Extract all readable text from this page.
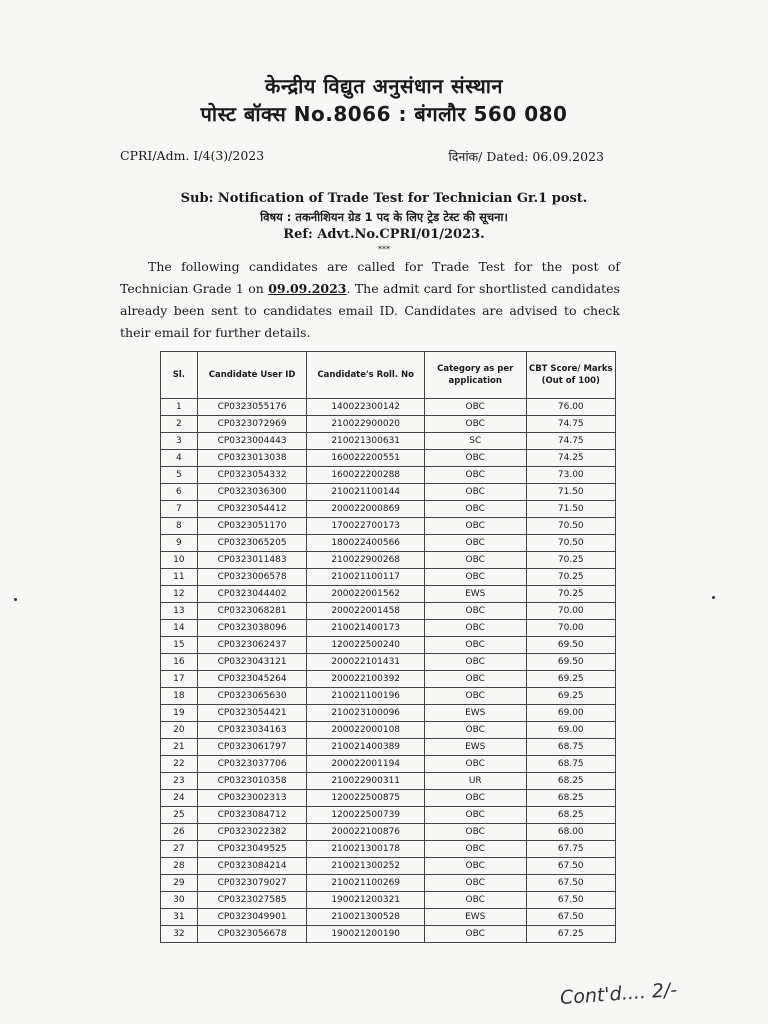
केन्द्रीय विद्युत अनुसंधान संस्थान
पोस्ट बॉक्स No.8066 : बंगलौर 560 080
CPRI/Adm. I/4(3)/2023	दिनांक/ Dated: 06.09.2023
Sub: Notification of Trade Test for Technician Gr.1 post.
विषय : तकनीशियन ग्रेड 1 पद के लिए ट्रेड टेस्ट की सूचना।
Ref: Advt.No.CPRI/01/2023.
***
The following candidates are called for Trade Test for the post of Technician Grade 1 on 09.09.2023. The admit card for shortlisted candidates already been sent to candidates email ID. Candidates are advised to check their email for further details.
Sl.	Candidate User ID	Candidate's Roll. No	Category as per application	CBT Score/ Marks (Out of 100)
1	CP0323055176	140022300142	OBC	76.00
2	CP0323072969	210022900020	OBC	74.75
3	CP0323004443	210021300631	SC	74.75
4	CP0323013038	160022200551	OBC	74.25
5	CP0323054332	160022200288	OBC	73.00
6	CP0323036300	210021100144	OBC	71.50
7	CP0323054412	200022000869	OBC	71.50
8	CP0323051170	170022700173	OBC	70.50
9	CP0323065205	180022400566	OBC	70.50
10	CP0323011483	210022900268	OBC	70.25
11	CP0323006578	210021100117	OBC	70.25
12	CP0323044402	200022001562	EWS	70.25
13	CP0323068281	200022001458	OBC	70.00
14	CP0323038096	210021400173	OBC	70.00
15	CP0323062437	120022500240	OBC	69.50
16	CP0323043121	200022101431	OBC	69.50
17	CP0323045264	200022100392	OBC	69.25
18	CP0323065630	210021100196	OBC	69.25
19	CP0323054421	210023100096	EWS	69.00
20	CP0323034163	200022000108	OBC	69.00
21	CP0323061797	210021400389	EWS	68.75
22	CP0323037706	200022001194	OBC	68.75
23	CP0323010358	210022900311	UR	68.25
24	CP0323002313	120022500875	OBC	68.25
25	CP0323084712	120022500739	OBC	68.25
26	CP0323022382	200022100876	OBC	68.00
27	CP0323049525	210021300178	OBC	67.75
28	CP0323084214	210021300252	OBC	67.50
29	CP0323079027	210021100269	OBC	67.50
30	CP0323027585	190021200321	OBC	67.50
31	CP0323049901	210021300528	EWS	67.50
32	CP0323056678	190021200190	OBC	67.25
Cont'd.... 2/-
